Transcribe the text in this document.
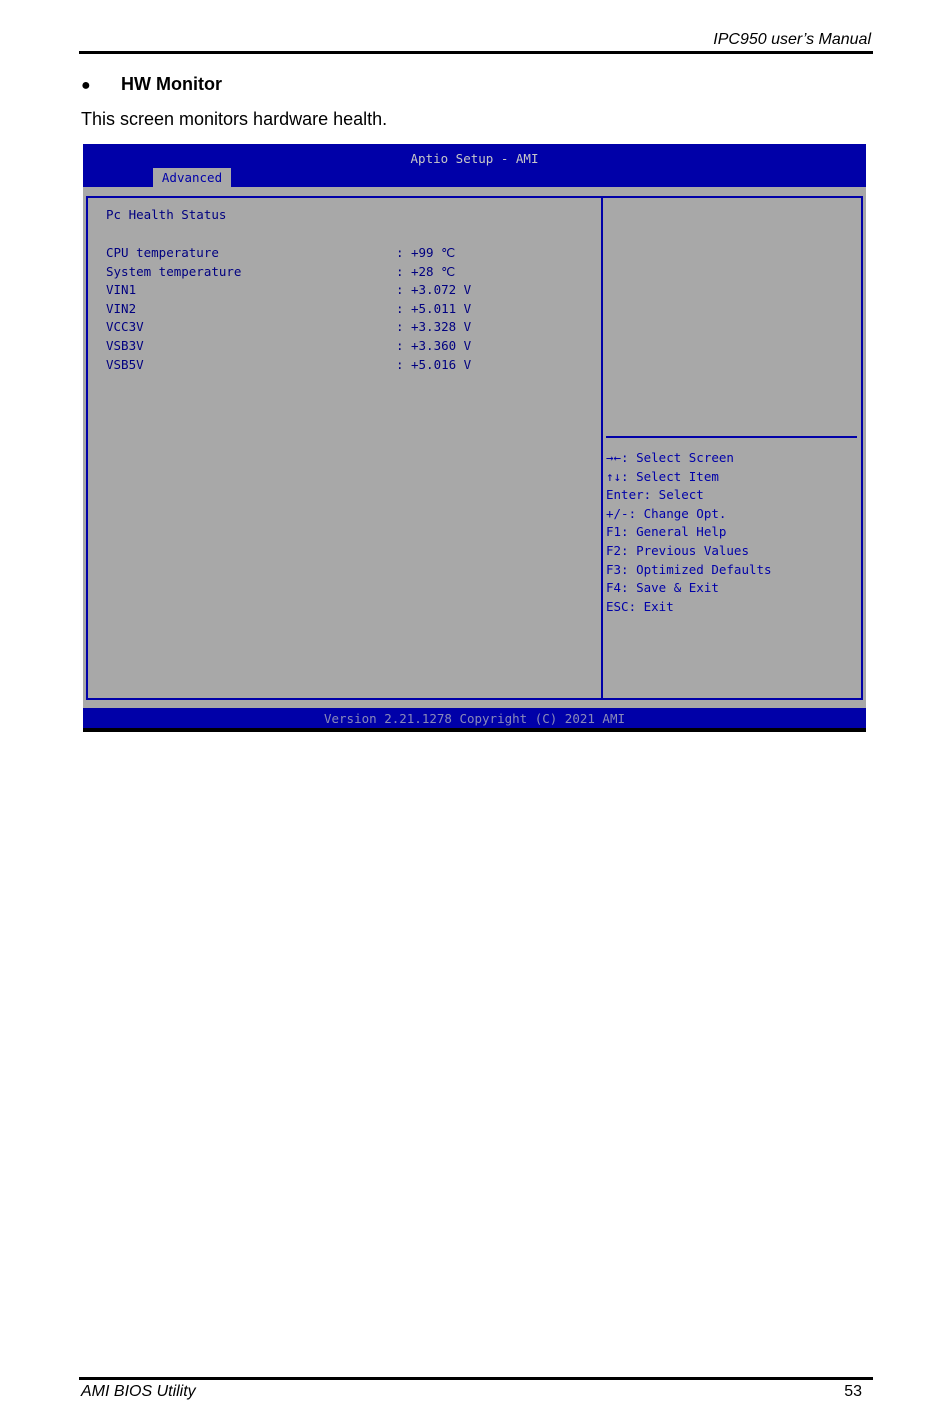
IPC950 user’s Manual
● HW Monitor
This screen monitors hardware health.
Aptio Setup - AMI
Advanced
Pc Health Status
CPU temperature	: +99 ℃
System temperature	: +28 ℃
VIN1	: +3.072 V
VIN2	: +5.011 V
VCC3V	: +3.328 V
VSB3V	: +3.360 V
VSB5V	: +5.016 V
→←: Select Screen
↑↓: Select Item
Enter: Select
+/-: Change Opt.
F1: General Help
F2: Previous Values
F3: Optimized Defaults
F4: Save & Exit
ESC: Exit
Version 2.21.1278 Copyright (C) 2021 AMI
AMI BIOS Utility	53
